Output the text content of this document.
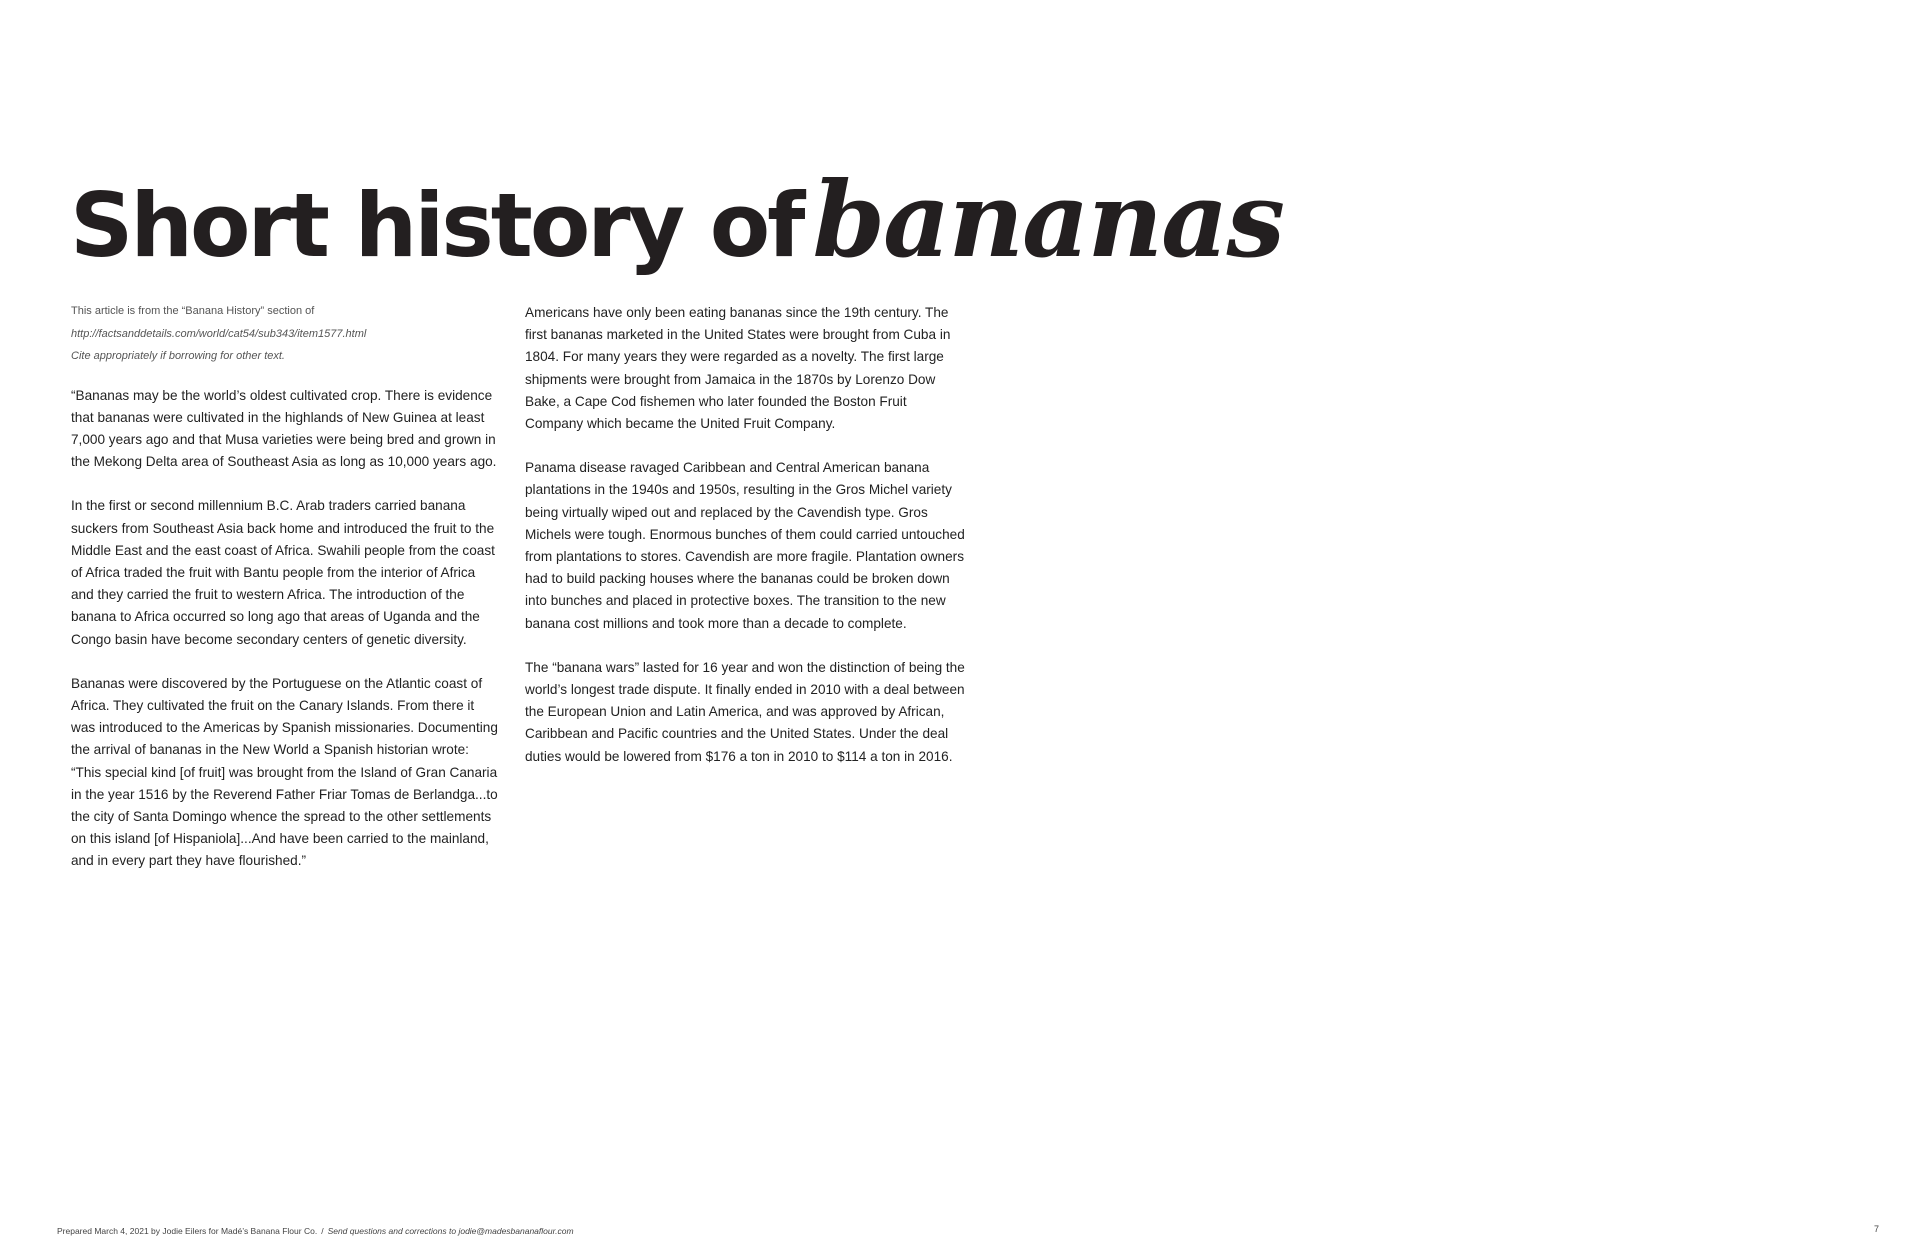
Short history ofbananas
This article is from the “Banana History” section of
http://factsanddetails.com/world/cat54/sub343/item1577.html
Cite appropriately if borrowing for other text.

“Bananas may be the world’s oldest cultivated crop. There is evidence that bananas were cultivated in the highlands of New Guinea at least 7,000 years ago and that Musa varieties were being bred and grown in the Mekong Delta area of Southeast Asia as long as 10,000 years ago.

In the first or second millennium B.C. Arab traders carried banana suckers from Southeast Asia back home and introduced the fruit to the Middle East and the east coast of Africa. Swahili people from the coast of Africa traded the fruit with Bantu people from the interior of Africa and they carried the fruit to western Africa. The introduction of the banana to Africa occurred so long ago that areas of Uganda and the Congo basin have become secondary centers of genetic diversity.

Bananas were discovered by the Portuguese on the Atlantic coast of Africa. They cultivated the fruit on the Canary Islands. From there it was introduced to the Americas by Spanish missionaries. Documenting the arrival of bananas in the New World a Spanish historian wrote: “This special kind [of fruit] was brought from the Island of Gran Canaria in the year 1516 by the Reverend Father Friar Tomas de Berlandga...to the city of Santa Domingo whence the spread to the other settlements on this island [of Hispaniola]...And have been carried to the mainland, and in every part they have flourished.”

Americans have only been eating bananas since the 19th century. The first bananas marketed in the United States were brought from Cuba in 1804. For many years they were regarded as a novelty. The first large shipments were brought from Jamaica in the 1870s by Lorenzo Dow Bake, a Cape Cod fishemen who later founded the Boston Fruit Company which became the United Fruit Company.

Panama disease ravaged Caribbean and Central American banana plantations in the 1940s and 1950s, resulting in the Gros Michel variety being virtually wiped out and replaced by the Cavendish type. Gros Michels were tough. Enormous bunches of them could carried untouched from plantations to stores. Cavendish are more fragile. Plantation owners had to build packing houses where the bananas could be broken down into bunches and placed in protective boxes. The transition to the new banana cost millions and took more than a decade to complete.

The “banana wars” lasted for 16 year and won the distinction of being the world’s longest trade dispute. It finally ended in 2010 with a deal between the European Union and Latin America, and was approved by African, Caribbean and Pacific countries and the United States. Under the deal duties would be lowered from $176 a ton in 2010 to $114 a ton in 2016.

Prepared March 4, 2021 by Jodie Eilers for Madé’s Banana Flour Co. / Send questions and corrections to jodie@madesbananaflour.com	7
